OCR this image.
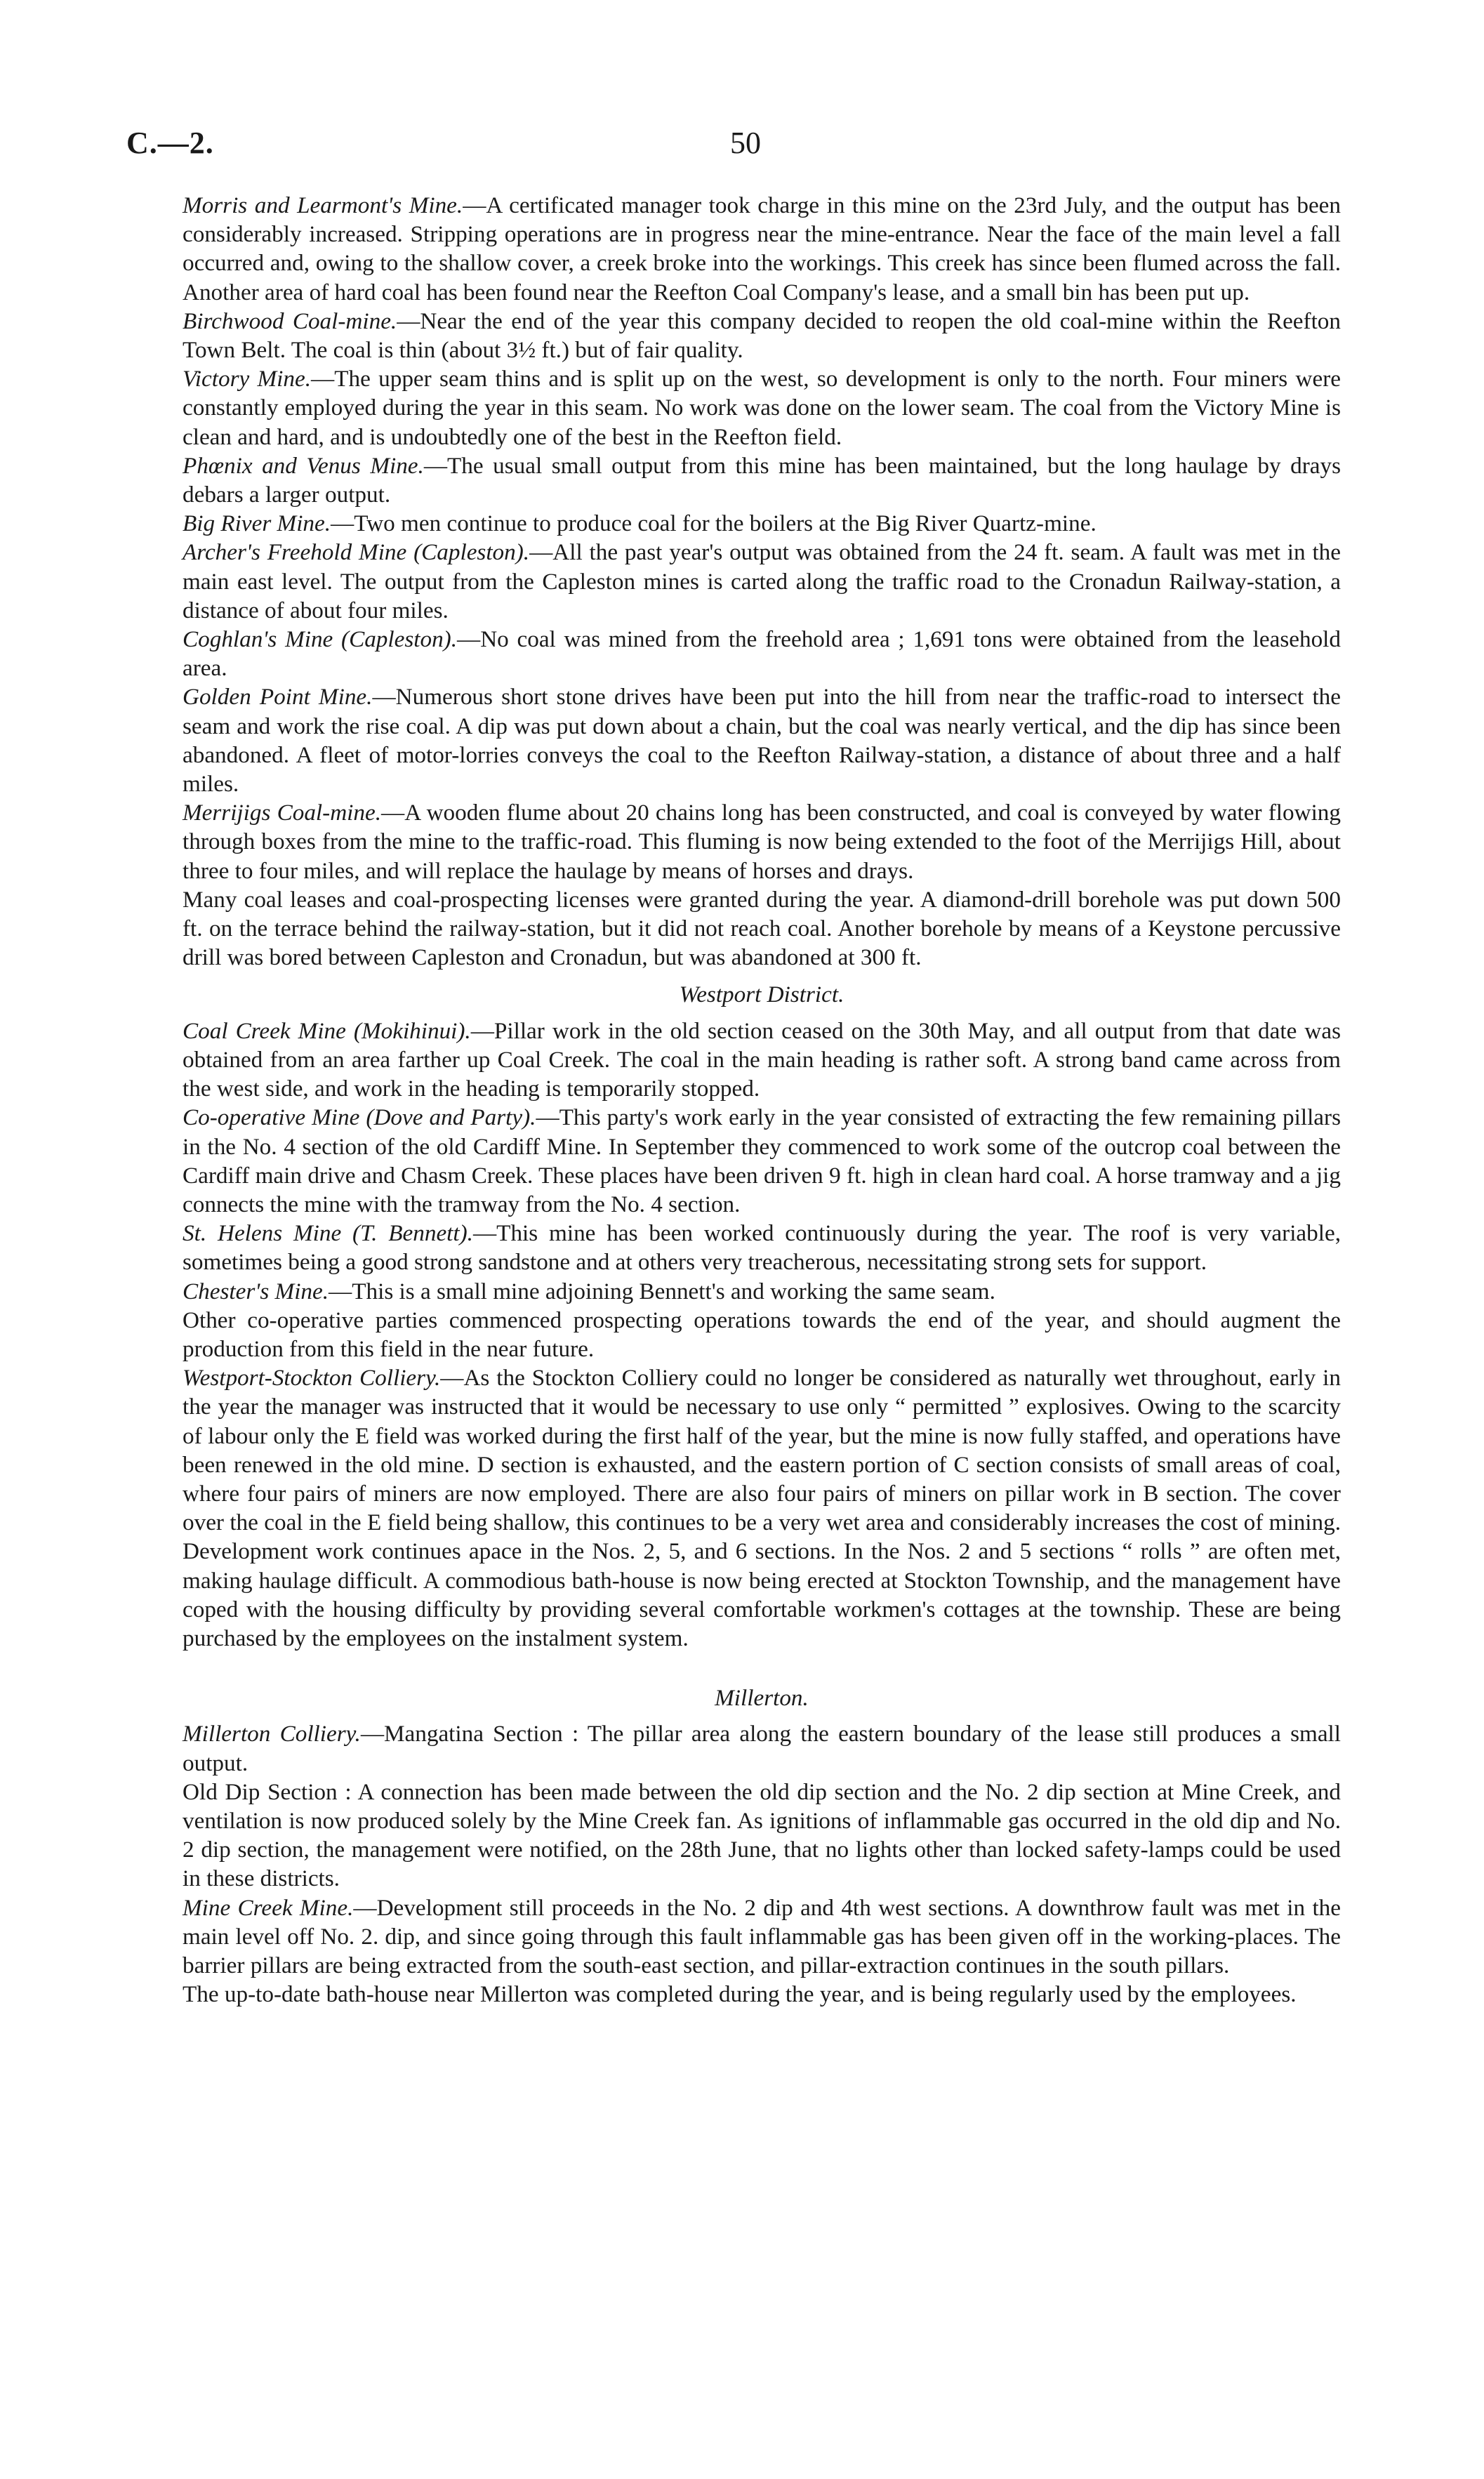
C.—2.	50

Morris and Learmont's Mine.—A certificated manager took charge in this mine on the 23rd July, and the output has been considerably increased. Stripping operations are in progress near the mine-entrance. Near the face of the main level a fall occurred and, owing to the shallow cover, a creek broke into the workings. This creek has since been flumed across the fall. Another area of hard coal has been found near the Reefton Coal Company's lease, and a small bin has been put up.

Birchwood Coal-mine.—Near the end of the year this company decided to reopen the old coal-mine within the Reefton Town Belt. The coal is thin (about 3½ ft.) but of fair quality.

Victory Mine.—The upper seam thins and is split up on the west, so development is only to the north. Four miners were constantly employed during the year in this seam. No work was done on the lower seam. The coal from the Victory Mine is clean and hard, and is undoubtedly one of the best in the Reefton field.

Phœnix and Venus Mine.—The usual small output from this mine has been maintained, but the long haulage by drays debars a larger output.

Big River Mine.—Two men continue to produce coal for the boilers at the Big River Quartz-mine.

Archer's Freehold Mine (Capleston).—All the past year's output was obtained from the 24 ft. seam. A fault was met in the main east level. The output from the Capleston mines is carted along the traffic road to the Cronadun Railway-station, a distance of about four miles.

Coghlan's Mine (Capleston).—No coal was mined from the freehold area ; 1,691 tons were obtained from the leasehold area.

Golden Point Mine.—Numerous short stone drives have been put into the hill from near the traffic-road to intersect the seam and work the rise coal. A dip was put down about a chain, but the coal was nearly vertical, and the dip has since been abandoned. A fleet of motor-lorries conveys the coal to the Reefton Railway-station, a distance of about three and a half miles.

Merrijigs Coal-mine.—A wooden flume about 20 chains long has been constructed, and coal is conveyed by water flowing through boxes from the mine to the traffic-road. This fluming is now being extended to the foot of the Merrijigs Hill, about three to four miles, and will replace the haulage by means of horses and drays.

Many coal leases and coal-prospecting licenses were granted during the year. A diamond-drill borehole was put down 500 ft. on the terrace behind the railway-station, but it did not reach coal. Another borehole by means of a Keystone percussive drill was bored between Capleston and Cronadun, but was abandoned at 300 ft.

Westport District.

Coal Creek Mine (Mokihinui).—Pillar work in the old section ceased on the 30th May, and all output from that date was obtained from an area farther up Coal Creek. The coal in the main heading is rather soft. A strong band came across from the west side, and work in the heading is temporarily stopped.

Co-operative Mine (Dove and Party).—This party's work early in the year consisted of extracting the few remaining pillars in the No. 4 section of the old Cardiff Mine. In September they commenced to work some of the outcrop coal between the Cardiff main drive and Chasm Creek. These places have been driven 9 ft. high in clean hard coal. A horse tramway and a jig connects the mine with the tramway from the No. 4 section.

St. Helens Mine (T. Bennett).—This mine has been worked continuously during the year. The roof is very variable, sometimes being a good strong sandstone and at others very treacherous, necessitating strong sets for support.

Chester's Mine.—This is a small mine adjoining Bennett's and working the same seam.

Other co-operative parties commenced prospecting operations towards the end of the year, and should augment the production from this field in the near future.

Westport-Stockton Colliery.—As the Stockton Colliery could no longer be considered as naturally wet throughout, early in the year the manager was instructed that it would be necessary to use only “ permitted ” explosives. Owing to the scarcity of labour only the E field was worked during the first half of the year, but the mine is now fully staffed, and operations have been renewed in the old mine. D section is exhausted, and the eastern portion of C section consists of small areas of coal, where four pairs of miners are now employed. There are also four pairs of miners on pillar work in B section. The cover over the coal in the E field being shallow, this continues to be a very wet area and considerably increases the cost of mining. Development work continues apace in the Nos. 2, 5, and 6 sections. In the Nos. 2 and 5 sections “ rolls ” are often met, making haulage difficult. A commodious bath-house is now being erected at Stockton Township, and the management have coped with the housing difficulty by providing several comfortable workmen's cottages at the township. These are being purchased by the employees on the instalment system.

Millerton.

Millerton Colliery.—Mangatina Section : The pillar area along the eastern boundary of the lease still produces a small output.

Old Dip Section : A connection has been made between the old dip section and the No. 2 dip section at Mine Creek, and ventilation is now produced solely by the Mine Creek fan. As ignitions of inflammable gas occurred in the old dip and No. 2 dip section, the management were notified, on the 28th June, that no lights other than locked safety-lamps could be used in these districts.

Mine Creek Mine.—Development still proceeds in the No. 2 dip and 4th west sections. A downthrow fault was met in the main level off No. 2. dip, and since going through this fault inflammable gas has been given off in the working-places. The barrier pillars are being extracted from the south-east section, and pillar-extraction continues in the south pillars.

The up-to-date bath-house near Millerton was completed during the year, and is being regularly used by the employees.
